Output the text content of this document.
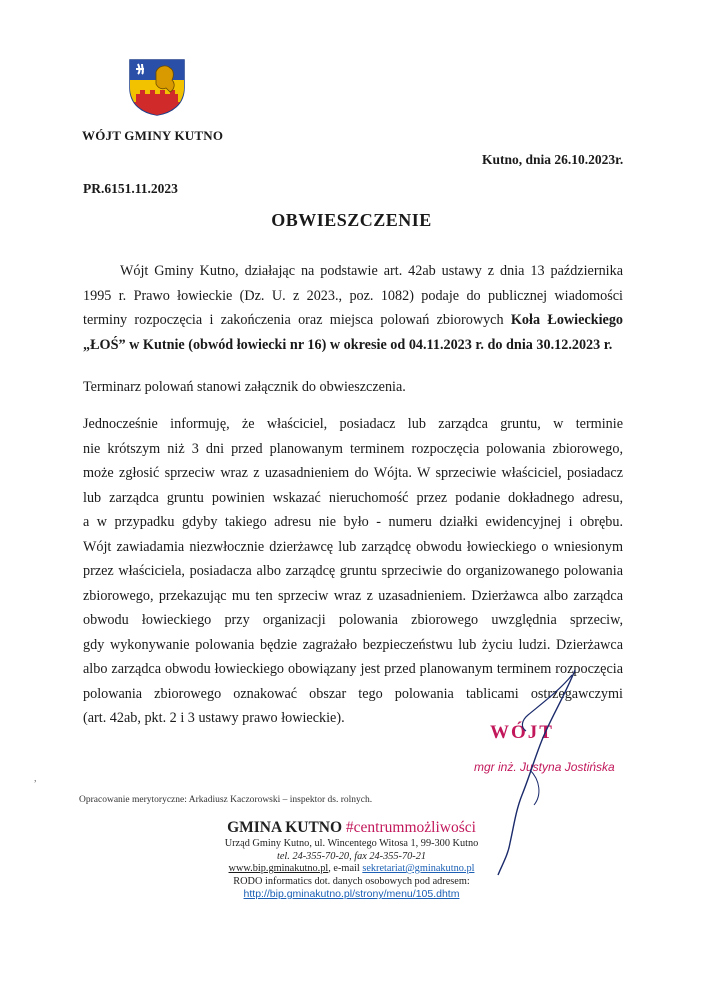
WÓJT GMINY KUTNO
Kutno, dnia 26.10.2023r.
PR.6151.11.2023
OBWIESZCZENIE
Wójt Gminy Kutno, działając na podstawie art. 42ab ustawy z dnia 13 października
1995 r. Prawo łowieckie (Dz. U. z 2023., poz. 1082) podaje do publicznej wiadomości
terminy rozpoczęcia i zakończenia oraz miejsca polowań zbiorowych Koła Łowieckiego
„ŁOŚ” w Kutnie (obwód łowiecki nr 16) w okresie od 04.11.2023 r. do dnia 30.12.2023 r.
Terminarz polowań stanowi załącznik do obwieszczenia.
Jednocześnie informuję, że właściciel, posiadacz lub zarządca gruntu, w terminie
nie krótszym niż 3 dni przed planowanym terminem rozpoczęcia polowania zbiorowego,
może zgłosić sprzeciw wraz z uzasadnieniem do Wójta. W sprzeciwie właściciel, posiadacz
lub zarządca gruntu powinien wskazać nieruchomość przez podanie dokładnego adresu,
a w przypadku gdyby takiego adresu nie było - numeru działki ewidencyjnej i obrębu.
Wójt zawiadamia niezwłocznie dzierżawcę lub zarządcę obwodu łowieckiego o wniesionym
przez właściciela, posiadacza albo zarządcę gruntu sprzeciwie do organizowanego polowania
zbiorowego, przekazując mu ten sprzeciw wraz z uzasadnieniem. Dzierżawca albo zarządca
obwodu łowieckiego przy organizacji polowania zbiorowego uwzględnia sprzeciw,
gdy wykonywanie polowania będzie zagrażało bezpieczeństwu lub życiu ludzi. Dzierżawca
albo zarządca obwodu łowieckiego obowiązany jest przed planowanym terminem rozpoczęcia
polowania zbiorowego oznakować obszar tego polowania tablicami ostrzegawczymi
(art. 42ab, pkt. 2 i 3 ustawy prawo łowieckie).
WÓJT
mgr inż. Justyna Jostińska
,
Opracowanie merytoryczne: Arkadiusz Kaczorowski – inspektor ds. rolnych.
GMINA KUTNO #centrummożliwości
Urząd Gminy Kutno, ul. Wincentego Witosa 1, 99-300 Kutno
tel. 24-355-70-20, fax 24-355-70-21
www.bip.gminakutno.pl, e-mail sekretariat@gminakutno.pl
RODO informatics dot. danych osobowych pod adresem:
http://bip.gminakutno.pl/strony/menu/105.dhtm
